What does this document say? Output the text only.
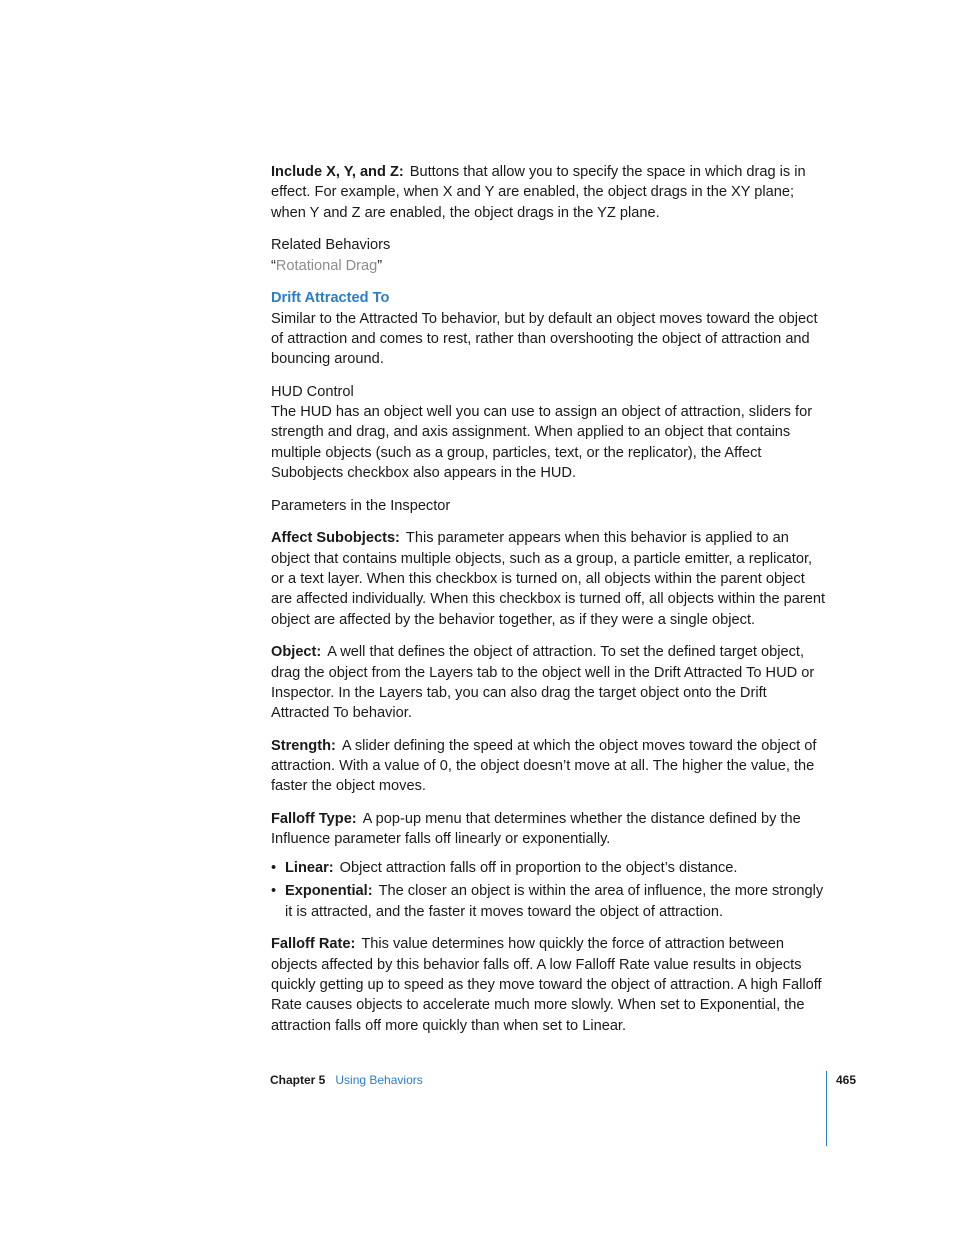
Include X, Y, and Z: Buttons that allow you to specify the space in which drag is in effect. For example, when X and Y are enabled, the object drags in the XY plane; when Y and Z are enabled, the object drags in the YZ plane.

Related Behaviors

“Rotational Drag”

Drift Attracted To

Similar to the Attracted To behavior, but by default an object moves toward the object of attraction and comes to rest, rather than overshooting the object of attraction and bouncing around.

HUD Control

The HUD has an object well you can use to assign an object of attraction, sliders for strength and drag, and axis assignment. When applied to an object that contains multiple objects (such as a group, particles, text, or the replicator), the Affect Subobjects checkbox also appears in the HUD.

Parameters in the Inspector

Affect Subobjects: This parameter appears when this behavior is applied to an object that contains multiple objects, such as a group, a particle emitter, a replicator, or a text layer. When this checkbox is turned on, all objects within the parent object are affected individually. When this checkbox is turned off, all objects within the parent object are affected by the behavior together, as if they were a single object.

Object: A well that defines the object of attraction. To set the defined target object, drag the object from the Layers tab to the object well in the Drift Attracted To HUD or Inspector. In the Layers tab, you can also drag the target object onto the Drift Attracted To behavior.

Strength: A slider defining the speed at which the object moves toward the object of attraction. With a value of 0, the object doesn’t move at all. The higher the value, the faster the object moves.

Falloff Type: A pop-up menu that determines whether the distance defined by the Influence parameter falls off linearly or exponentially.

• Linear: Object attraction falls off in proportion to the object’s distance.
• Exponential: The closer an object is within the area of influence, the more strongly it is attracted, and the faster it moves toward the object of attraction.

Falloff Rate: This value determines how quickly the force of attraction between objects affected by this behavior falls off. A low Falloff Rate value results in objects quickly getting up to speed as they move toward the object of attraction. A high Falloff Rate causes objects to accelerate much more slowly. When set to Exponential, the attraction falls off more quickly than when set to Linear.

Chapter 5 Using Behaviors	465
